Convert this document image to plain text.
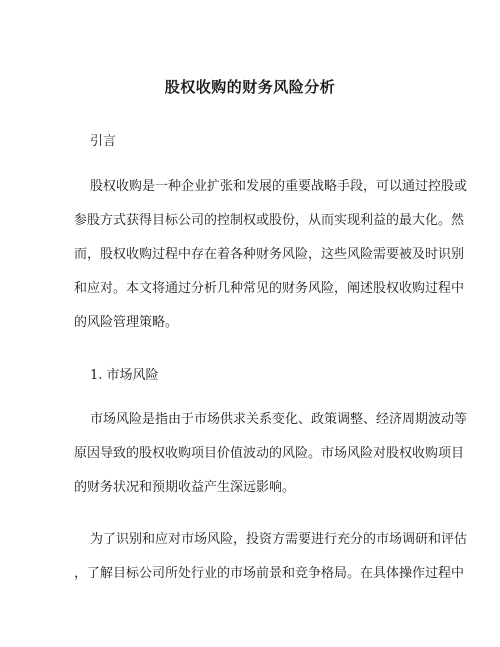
股权收购的财务风险分析
引言
股权收购是一种企业扩张和发展的重要战略手段，可以通过控股或
参股方式获得目标公司的控制权或股份，从而实现利益的最大化。然
而，股权收购过程中存在着各种财务风险，这些风险需要被及时识别
和应对。本文将通过分析几种常见的财务风险，阐述股权收购过程中
的风险管理策略。
1. 市场风险
市场风险是指由于市场供求关系变化、政策调整、经济周期波动等
原因导致的股权收购项目价值波动的风险。市场风险对股权收购项目
的财务状况和预期收益产生深远影响。
为了识别和应对市场风险，投资方需要进行充分的市场调研和评估
，了解目标公司所处行业的市场前景和竞争格局。在具体操作过程中
